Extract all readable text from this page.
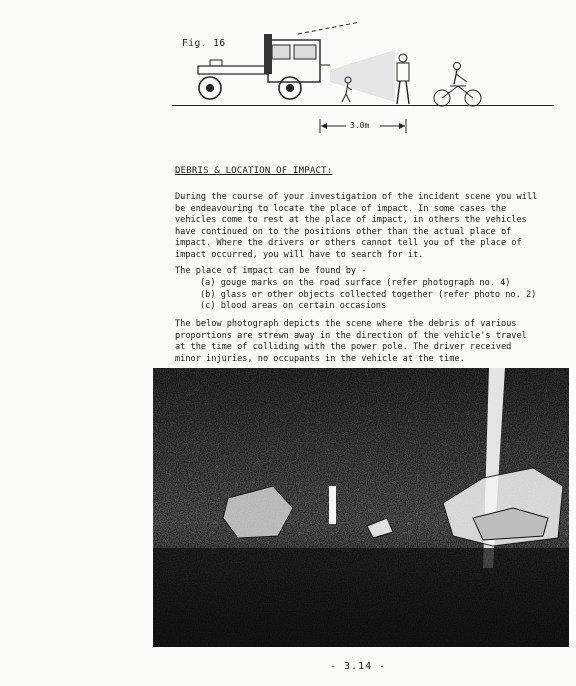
Fig. 16
3.0m
DEBRIS & LOCATION OF IMPACT:
During the course of your investigation of the incident scene you will
be endeavouring to locate the place of impact. In some cases the
vehicles come to rest at the place of impact, in others the vehicles
have continued on to the positions other than the actual place of
impact. Where the drivers or others cannot tell you of the place of
impact occurred, you will have to search for it.
The place of impact can be found by -
(a) gouge marks on the road surface (refer photograph no. 4)
(b) glass or other objects collected together (refer photo no. 2)
(c) blood areas on certain occasions
The below photograph depicts the scene where the debris of various
proportions are strewn away in the direction of the vehicle's travel
at the time of colliding with the power pole. The driver received
minor injuries, no occupants in the vehicle at the time.
- 3.14 -
